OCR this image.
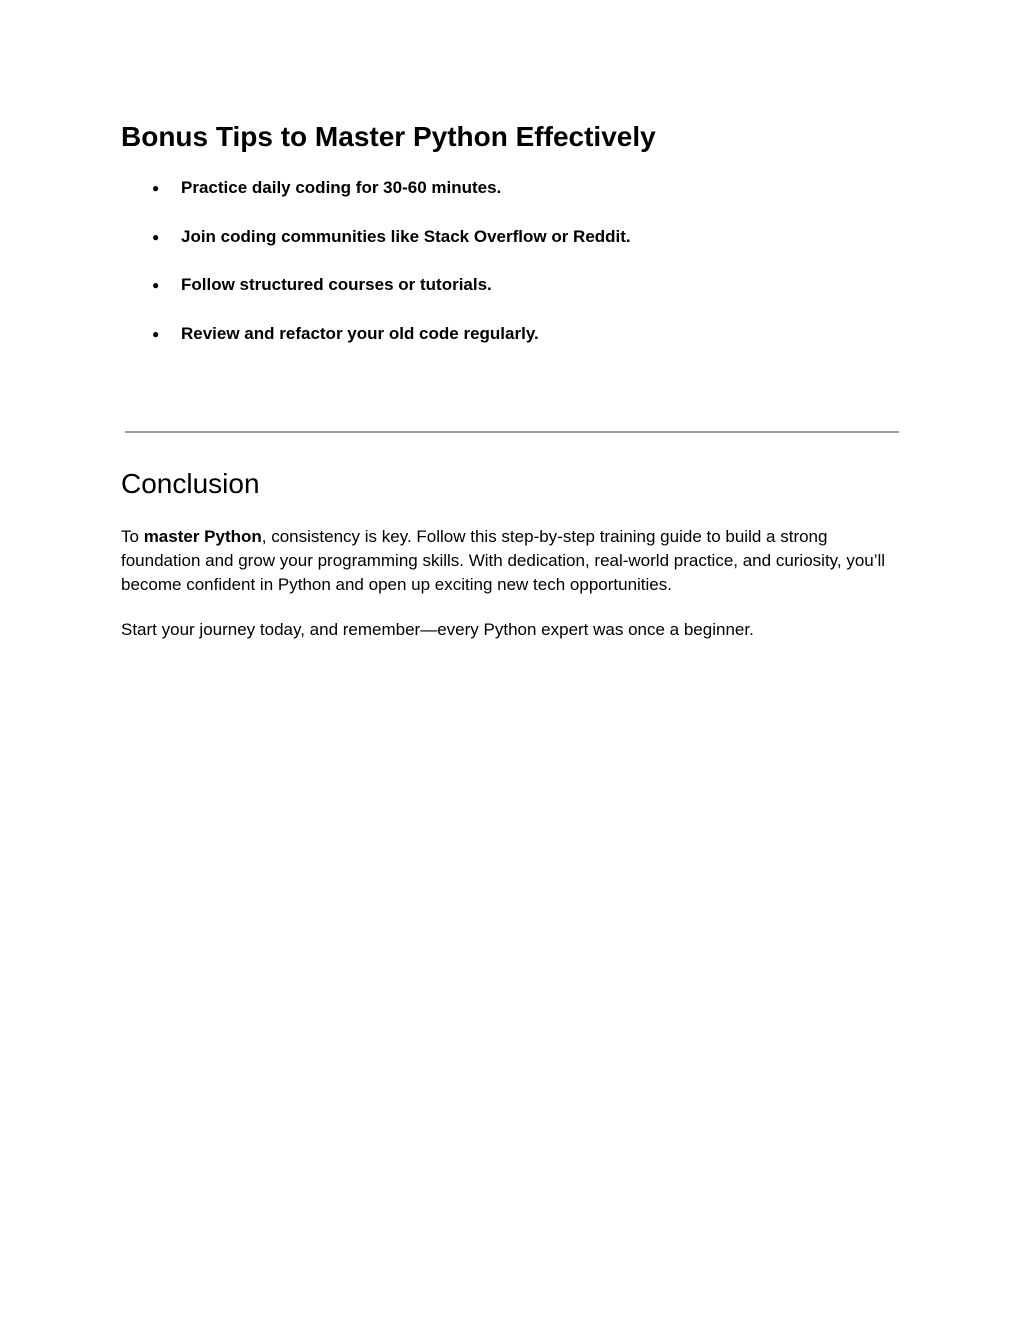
Bonus Tips to Master Python Effectively
● Practice daily coding for 30-60 minutes.
● Join coding communities like Stack Overflow or Reddit.
● Follow structured courses or tutorials.
● Review and refactor your old code regularly.
Conclusion

To master Python, consistency is key. Follow this step-by-step training guide to build a strong foundation and grow your programming skills. With dedication, real-world practice, and curiosity, you’ll become confident in Python and open up exciting new tech opportunities.

Start your journey today, and remember—every Python expert was once a beginner.
